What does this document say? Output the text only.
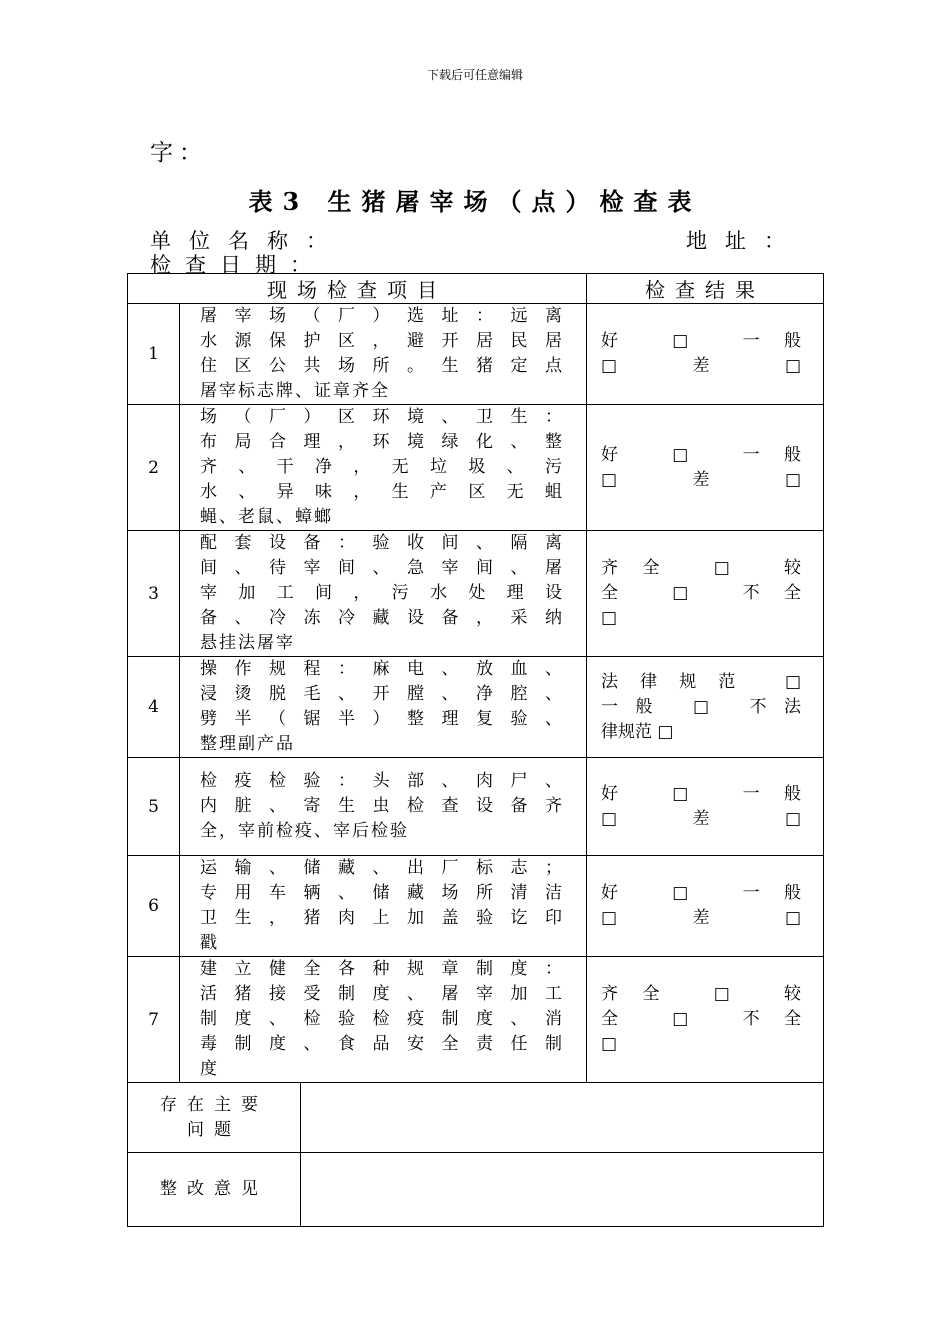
下载后可任意编辑
字：
表3 生猪屠宰场（点）检查表
单位名称：	地址：
检查日期：
现场检查项目			检查结果
1	屠宰场（厂）选址：远离
水源保护区，避开居民居
住区公共场所。生猪定点
屠宰标志牌、证章齐全		好 □ 一般
□ 差 □

2	场（厂）区环境、卫生：
布局合理，环境绿化、整
齐、干净，无垃圾、污
水、异味，生产区无蛆
蝇、老鼠、蟑螂		好 □ 一般
□ 差 □

3	配套设备：验收间、隔离
间、待宰间、急宰间、屠
宰加工间，污水处理设
备、冷冻冷藏设备，采纳
悬挂法屠宰		齐全 □ 较
全 □ 不全
□

4	操作规程：麻电、放血、
浸烫脱毛、开膛、净腔、
劈半（锯半）整理复验、
整理副产品		法律规范 □
一般 □ 不法
律规范 □

5	检疫检验：头部、肉尸、
内脏、寄生虫检查设备齐
全，宰前检疫、宰后检验		好 □ 一般
□ 差 □

6	运输、储藏、出厂标志；
专用车辆、储藏场所清洁
卫生，猪肉上加盖验讫印
戳		好 □ 一般
□ 差 □

7	建立健全各种规章制度：
活猪接受制度、屠宰加工
制度、检验检疫制度、消
毒制度、食品安全责任制
度		齐全 □ 较
全 □ 不全
□

存在主要
问题			

整改意见			
